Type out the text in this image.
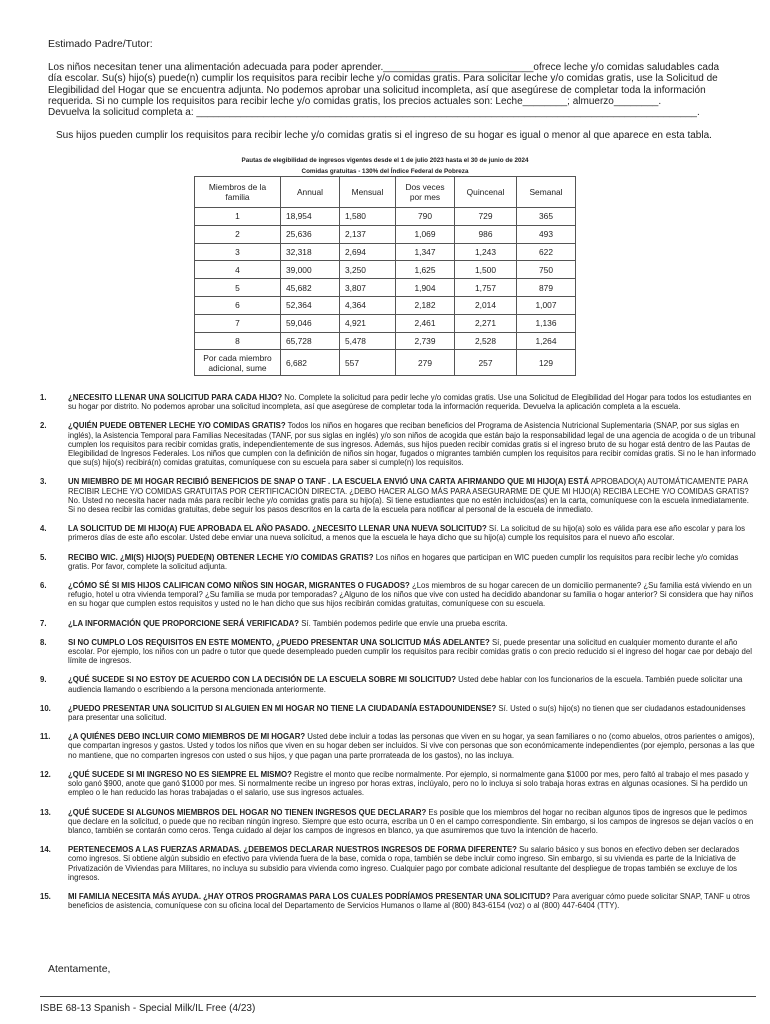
Estimado Padre/Tutor:

Los niños necesitan tener una alimentación adecuada para poder aprender.___________________________ofrece leche y/o comidas saludables cada

día escolar. Su(s) hijo(s) puede(n) cumplir los requisitos para recibir leche y/o comidas gratis. Para solicitar leche y/o comidas gratis, use la Solicitud de

Elegibilidad del Hogar que se encuentra adjunta. No podemos aprobar una solicitud incompleta, así que asegúrese de completar toda la información

requerida. Si no cumple los requisitos para recibir leche y/o comidas gratis, los precios actuales son: Leche________; almuerzo________.

Devuelva la solicitud completa a: __________________________________________________________________________________________.

Sus hijos pueden cumplir los requisitos para recibir leche y/o comidas gratis si el ingreso de su hogar es igual o menor al que aparece en esta tabla.
Pautas de elegibilidad de ingresos vigentes desde el 1 de julio 2023 hasta el 30 de junio de 2024
Comidas gratuitas - 130% del Índice Federal de Pobreza
Miembros de la familia	Annual	Mensual	Dos veces por mes	Quincenal	Semanal
1	18,954	1,580	790	729	365
2	25,636	2,137	1,069	986	493
3	32,318	2,694	1,347	1,243	622
4	39,000	3,250	1,625	1,500	750
5	45,682	3,807	1,904	1,757	879
6	52,364	4,364	2,182	2,014	1,007
7	59,046	4,921	2,461	2,271	1,136
8	65,728	5,478	2,739	2,528	1,264
Por cada miembro adicional, sume	6,682	557	279	257	129
1.	¿NECESITO LLENAR UNA SOLICITUD PARA CADA HIJO? No. Complete la solicitud para pedir leche y/o comidas gratis. Use una Solicitud de Elegibilidad del Hogar para todos los estudiantes en su hogar por distrito. No podemos aprobar una solicitud incompleta, así que asegúrese de completar toda la información requerida. Devuelva la aplicación completa a la escuela.
2.	¿QUIÉN PUEDE OBTENER LECHE Y/O COMIDAS GRATIS? Todos los niños en hogares que reciban beneficios del Programa de Asistencia Nutricional Suplementaria (SNAP, por sus siglas en inglés), la Asistencia Temporal para Familias Necesitadas (TANF, por sus siglas en inglés) y/o son niños de acogida que están bajo la responsabilidad legal de una agencia de acogida o de un tribunal cumplen los requisitos para recibir comidas gratis, independientemente de sus ingresos. Además, sus hijos pueden recibir comidas gratis si el ingreso bruto de su hogar está dentro de las Pautas de Elegibilidad de Ingresos Federales. Los niños que cumplen con la definición de niños sin hogar, fugados o migrantes también cumplen los requisitos para recibir comidas gratis. Si no le han informado que su(s) hijo(s) recibirá(n) comidas gratuitas, comuníquese con su escuela para saber si cumple(n) los requisitos.
3.	UN MIEMBRO DE MI HOGAR RECIBIÓ BENEFICIOS DE SNAP O TANF . LA ESCUELA ENVIÓ UNA CARTA AFIRMANDO QUE MI HIJO(A) ESTÁ APROBADO(A) AUTOMÁTICAMENTE PARA RECIBIR LECHE Y/O COMIDAS GRATUITAS POR CERTIFICACIÓN DIRECTA. ¿DEBO HACER ALGO MÁS PARA ASEGURARME DE QUE MI HIJO(A) RECIBA LECHE Y/O COMIDAS GRATIS? No. Usted no necesita hacer nada más para recibir leche y/o comidas gratis para su hijo(a). Si tiene estudiantes que no estén incluidos(as) en la carta, comuníquese con la escuela inmediatamente. Si no desea recibir las comidas gratuitas, debe seguir los pasos descritos en la carta de la escuela para notificar al personal de la escuela de inmediato.
4.	LA SOLICITUD DE MI HIJO(A) FUE APROBADA EL AÑO PASADO. ¿NECESITO LLENAR UNA NUEVA SOLICITUD? Sí. La solicitud de su hijo(a) solo es válida para ese año escolar y para los primeros días de este año escolar. Usted debe enviar una nueva solicitud, a menos que la escuela le haya dicho que su hijo(a) cumple los requisitos para el nuevo año escolar.
5.	RECIBO WIC. ¿MI(S) HIJO(S) PUEDE(N) OBTENER LECHE Y/O COMIDAS GRATIS? Los niños en hogares que participan en WIC pueden cumplir los requisitos para recibir leche y/o comidas gratis. Por favor, complete la solicitud adjunta.
6.	¿CÓMO SÉ SI MIS HIJOS CALIFICAN COMO NIÑOS SIN HOGAR, MIGRANTES O FUGADOS? ¿Los miembros de su hogar carecen de un domicilio permanente? ¿Su familia está viviendo en un refugio, hotel u otra vivienda temporal? ¿Su familia se muda por temporadas? ¿Alguno de los niños que vive con usted ha decidido abandonar su familia o hogar anterior? Si considera que hay niños en su hogar que cumplen estos requisitos y usted no le han dicho que sus hijos recibirán comidas gratuitas, comuníquese con su escuela.
7.	¿LA INFORMACIÓN QUE PROPORCIONE SERÁ VERIFICADA? Sí. También podemos pedirle que envíe una prueba escrita.
8.	SI NO CUMPLO LOS REQUISITOS EN ESTE MOMENTO, ¿PUEDO PRESENTAR UNA SOLICITUD MÁS ADELANTE? Sí, puede presentar una solicitud en cualquier momento durante el año escolar. Por ejemplo, los niños con un padre o tutor que quede desempleado pueden cumplir los requisitos para recibir comidas gratis o con precio reducido si el ingreso del hogar cae por debajo del límite de ingresos.
9.	¿QUÉ SUCEDE SI NO ESTOY DE ACUERDO CON LA DECISIÓN DE LA ESCUELA SOBRE MI SOLICITUD? Usted debe hablar con los funcionarios de la escuela. También puede solicitar una audiencia llamando o escribiendo a la persona mencionada anteriormente.
10. ¿PUEDO PRESENTAR UNA SOLICITUD SI ALGUIEN EN MI HOGAR NO TIENE LA CIUDADANÍA ESTADOUNIDENSE? Sí. Usted o su(s) hijo(s) no tienen que ser ciudadanos estadounidenses para presentar una solicitud.
11. ¿A QUIÉNES DEBO INCLUIR COMO MIEMBROS DE MI HOGAR? Usted debe incluir a todas las personas que viven en su hogar, ya sean familiares o no (como abuelos, otros parientes o amigos), que compartan ingresos y gastos. Usted y todos los niños que viven en su hogar deben ser incluidos. Si vive con personas que son económicamente independientes (por ejemplo, personas a las que no mantiene, que no comparten ingresos con usted o sus hijos, y que pagan una parte prorrateada de los gastos), no las incluya.
12. ¿QUÉ SUCEDE SI MI INGRESO NO ES SIEMPRE EL MISMO? Registre el monto que recibe normalmente. Por ejemplo, si normalmente gana $1000 por mes, pero faltó al trabajo el mes pasado y solo ganó $900, anote que ganó $1000 por mes. Si normalmente recibe un ingreso por horas extras, inclúyalo, pero no lo incluya si solo trabaja horas extras en algunas ocasiones. Si ha perdido un empleo o le han reducido las horas trabajadas o el salario, use sus ingresos actuales.
13. ¿QUÉ SUCEDE SI ALGUNOS MIEMBROS DEL HOGAR NO TIENEN INGRESOS QUE DECLARAR? Es posible que los miembros del hogar no reciban algunos tipos de ingresos que le pedimos que declare en la solicitud, o puede que no reciban ningún ingreso. Siempre que esto ocurra, escriba un 0 en el campo correspondiente. Sin embargo, si los campos de ingresos se dejan vacíos o en blanco, también se contarán como ceros. Tenga cuidado al dejar los campos de ingresos en blanco, ya que asumiremos que tuvo la intención de hacerlo.
14. PERTENECEMOS A LAS FUERZAS ARMADAS. ¿DEBEMOS DECLARAR NUESTROS INGRESOS DE FORMA DIFERENTE? Su salario básico y sus bonos en efectivo deben ser declarados como ingresos. Si obtiene algún subsidio en efectivo para vivienda fuera de la base, comida o ropa, también se debe incluir como ingreso. Sin embargo, si su vivienda es parte de la Iniciativa de Privatización de Viviendas para Militares, no incluya su subsidio para vivienda como ingreso. Cualquier pago por combate adicional resultante del despliegue de tropas también se excluye de los ingresos.
15. MI FAMILIA NECESITA MÁS AYUDA. ¿HAY OTROS PROGRAMAS PARA LOS CUALES PODRÍAMOS PRESENTAR UNA SOLICITUD? Para averiguar cómo puede solicitar SNAP, TANF u otros beneficios de asistencia, comuníquese con su oficina local del Departamento de Servicios Humanos o llame al (800) 843-6154 (voz) o al (800) 447-6404 (TTY).
Atentamente,
ISBE 68-13 Spanish - Special Milk/IL Free (4/23)
